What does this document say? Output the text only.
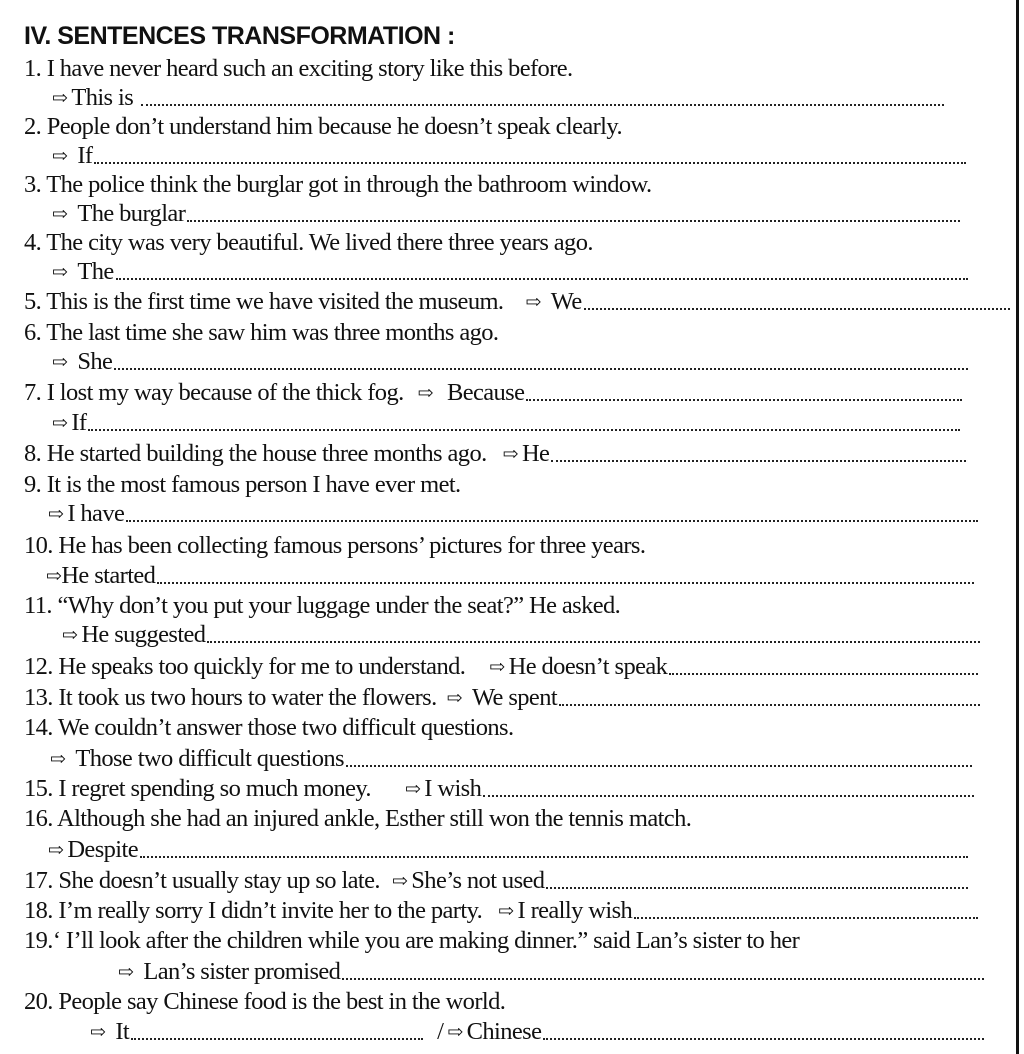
IV. SENTENCES TRANSFORMATION :
1. I have never heard such an exciting story like this before.
⇨ This is
2. People don’t understand him because he doesn’t speak clearly.
⇨ If
3. The police think the burglar got in through the bathroom window.
⇨ The burglar
4. The city was very beautiful. We lived there three years ago.
⇨ The
5. This is the first time we have visited the museum. ⇨ We
6. The last time she saw him was three months ago.
⇨ She
7. I lost my way because of the thick fog. ⇨ Because
⇨ If
8. He started building the house three months ago. ⇨ He
9. It is the most famous person I have ever met.
⇨ I have
10. He has been collecting famous persons’ pictures for three years.
⇨ He started
11. “Why don’t you put your luggage under the seat?” He asked.
⇨ He suggested
12. He speaks too quickly for me to understand. ⇨ He doesn’t speak
13. It took us two hours to water the flowers. ⇨ We spent
14. We couldn’t answer those two difficult questions.
⇨ Those two difficult questions
15. I regret spending so much money. ⇨ I wish
16. Although she had an injured ankle, Esther still won the tennis match.
⇨ Despite
17. She doesn’t usually stay up so late. ⇨ She’s not used
18. I’m really sorry I didn’t invite her to the party. ⇨ I really wish
19.‘ I’ll look after the children while you are making dinner.” said Lan’s sister to her
⇨ Lan’s sister promised
20. People say Chinese food is the best in the world.
⇨ It	/ ⇨ Chinese
